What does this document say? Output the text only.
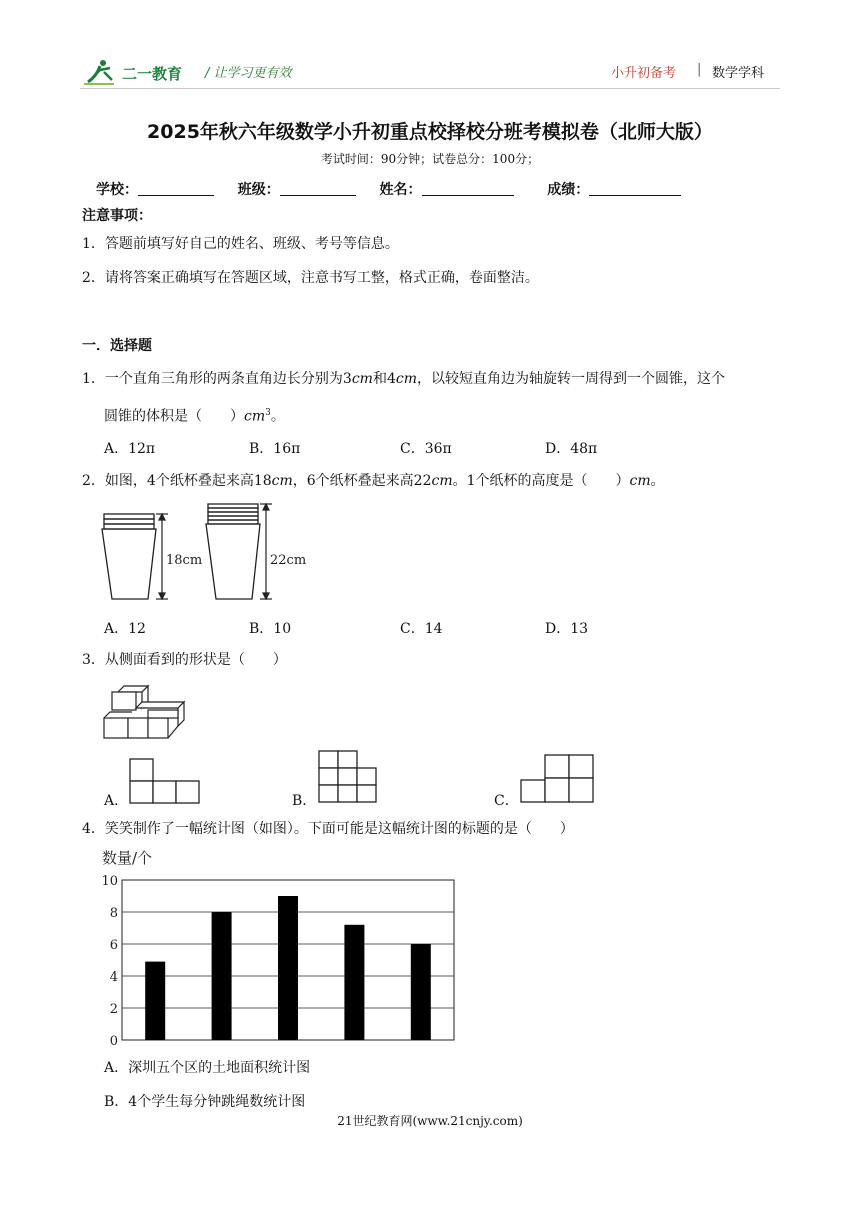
二一教育 / 让学习更有效	小升初备考 | 数学学科
2025年秋六年级数学小升初重点校择校分班考模拟卷（北师大版）
考试时间：90分钟；试卷总分：100分；
学校：	班级：	姓名：	成绩：
注意事项：
1．答题前填写好自己的姓名、班级、考号等信息。
2．请将答案正确填写在答题区域，注意书写工整，格式正确，卷面整洁。
一．选择题
1．一个直角三角形的两条直角边长分别为3cm和4cm，以较短直角边为轴旋转一周得到一个圆锥，这个
圆锥的体积是（　　）$cm^3$。
A．12π	B．16π	C．36π	D．48π
2．如图，4个纸杯叠起来高18cm，6个纸杯叠起来高22cm。1个纸杯的高度是（　　）cm。
18cm	22cm
A．12	B．10	C．14	D．13
3．从侧面看到的形状是（　　）
A．	B．	C．
4．笑笑制作了一幅统计图（如图）。下面可能是这幅统计图的标题的是（　　）
数量/个
0
2
4
6
8
10
A．深圳五个区的土地面积统计图
B．4个学生每分钟跳绳数统计图
21世纪教育网(www.21cnjy.com)
